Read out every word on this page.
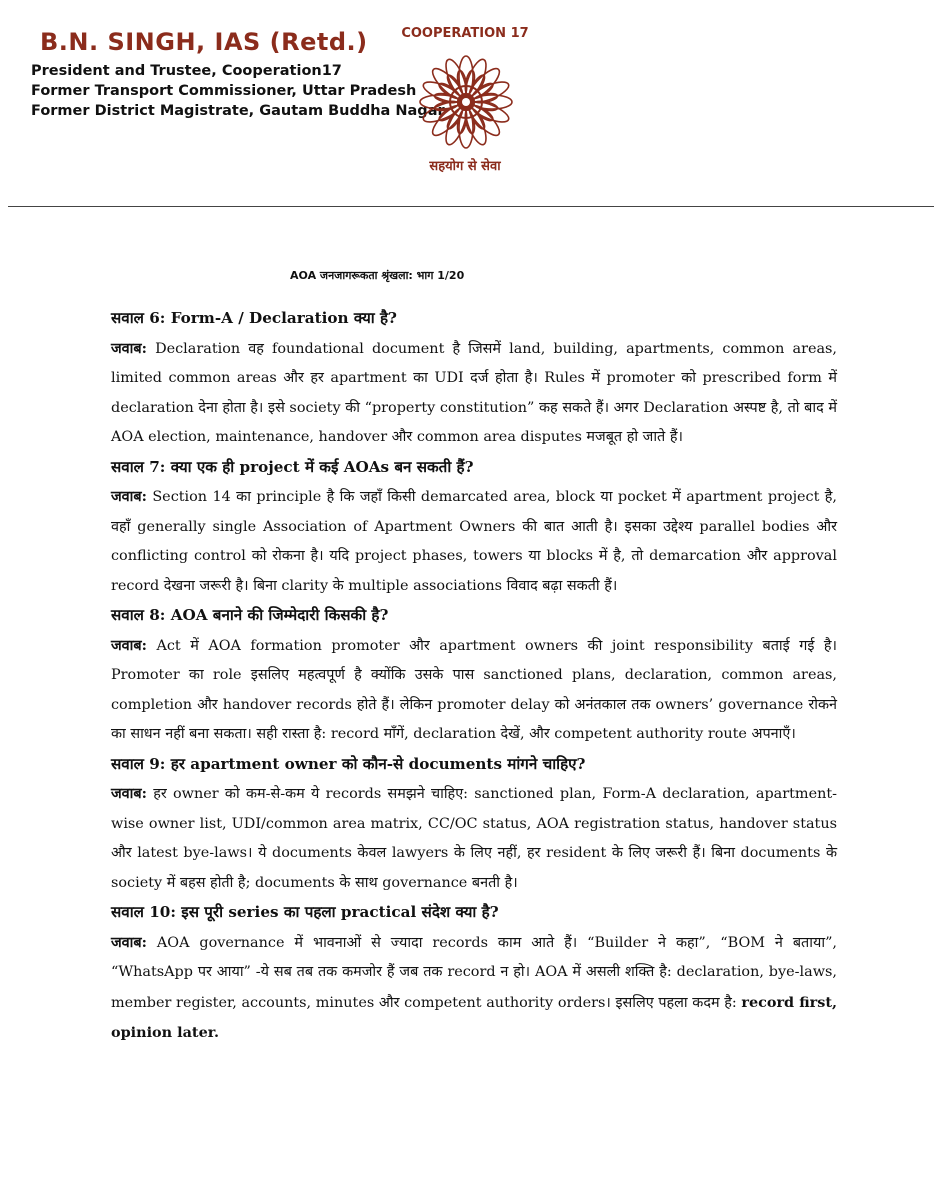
B.N. SINGH, IAS (Retd.)
President and Trustee, Cooperation17
Former Transport Commissioner, Uttar Pradesh
Former District Magistrate, Gautam Buddha Nagar
COOPERATION 17
सहयोग से सेवा
AOA जनजागरूकता श्रृंखला: भाग 1/20

सवाल 6: Form-A / Declaration क्या है?

जवाब: Declaration वह foundational document है जिसमें land, building, apartments, common areas, limited common areas और हर apartment का UDI दर्ज होता है। Rules में promoter को prescribed form में declaration देना होता है। इसे society की “property constitution” कह सकते हैं। अगर Declaration अस्पष्ट है, तो बाद में AOA election, maintenance, handover और common area disputes मजबूत हो जाते हैं।

सवाल 7: क्या एक ही project में कई AOAs बन सकती हैं?

जवाब: Section 14 का principle है कि जहाँ किसी demarcated area, block या pocket में apartment project है, वहाँ generally single Association of Apartment Owners की बात आती है। इसका उद्देश्य parallel bodies और conflicting control को रोकना है। यदि project phases, towers या blocks में है, तो demarcation और approval record देखना जरूरी है। बिना clarity के multiple associations विवाद बढ़ा सकती हैं।

सवाल 8: AOA बनाने की जिम्मेदारी किसकी है?

जवाब: Act में AOA formation promoter और apartment owners की joint responsibility बताई गई है। Promoter का role इसलिए महत्वपूर्ण है क्योंकि उसके पास sanctioned plans, declaration, common areas, completion और handover records होते हैं। लेकिन promoter delay को अनंतकाल तक owners’ governance रोकने का साधन नहीं बना सकता। सही रास्ता है: record माँगें, declaration देखें, और competent authority route अपनाएँ।

सवाल 9: हर apartment owner को कौन-से documents मांगने चाहिए?

जवाब: हर owner को कम-से-कम ये records समझने चाहिए: sanctioned plan, Form-A declaration, apartment-wise owner list, UDI/common area matrix, CC/OC status, AOA registration status, handover status और latest bye-laws। ये documents केवल lawyers के लिए नहीं, हर resident के लिए जरूरी हैं। बिना documents के society में बहस होती है; documents के साथ governance बनती है।

सवाल 10: इस पूरी series का पहला practical संदेश क्या है?

जवाब: AOA governance में भावनाओं से ज्यादा records काम आते हैं। “Builder ने कहा”, “BOM ने बताया”, “WhatsApp पर आया” -ये सब तब तक कमजोर हैं जब तक record न हो। AOA में असली शक्ति है: declaration, bye-laws, member register, accounts, minutes और competent authority orders। इसलिए पहला कदम है: record first, opinion later.
